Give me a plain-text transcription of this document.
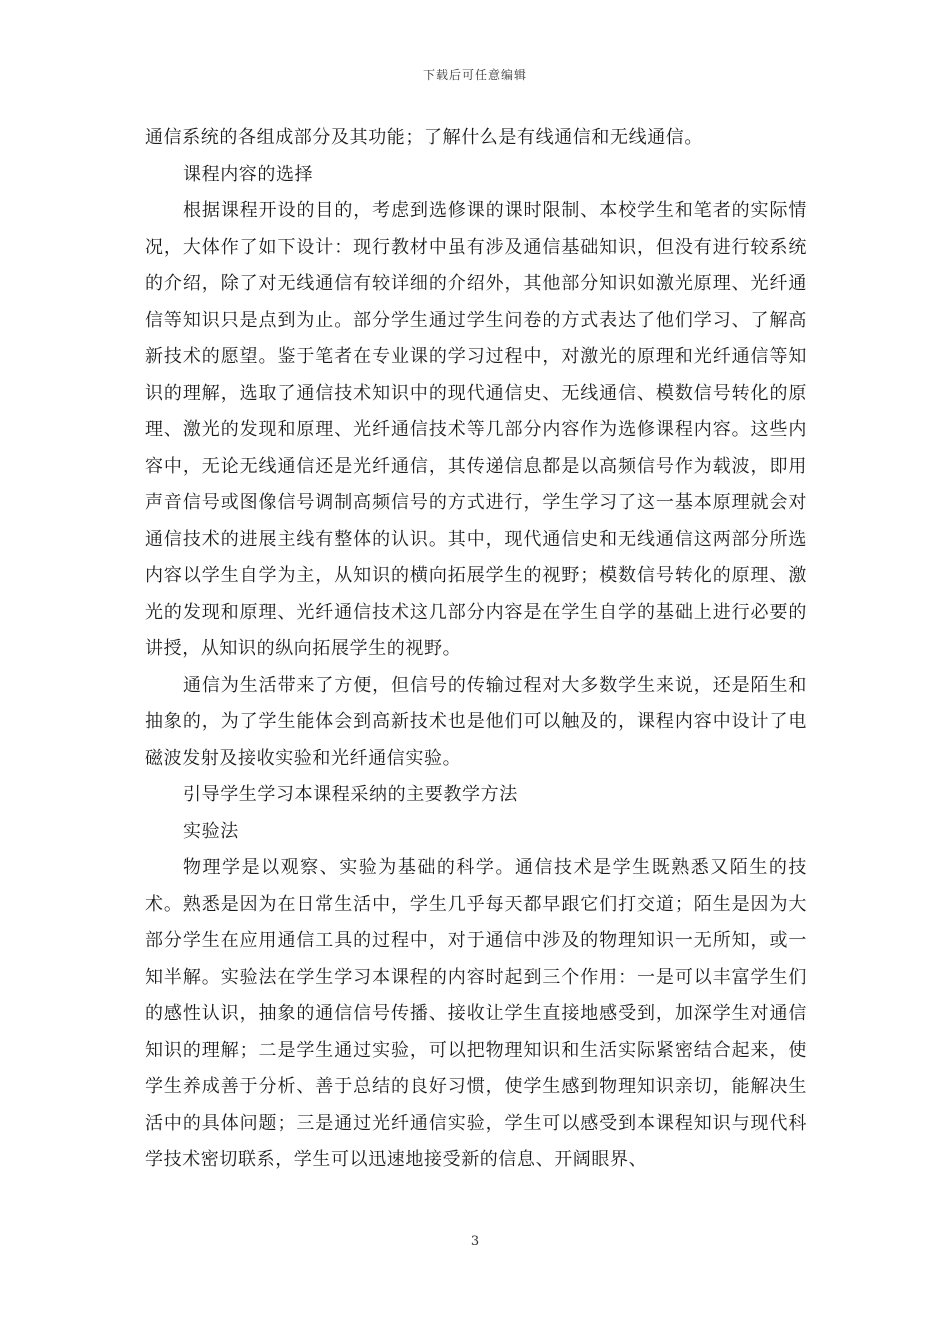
下载后可任意编辑

通信系统的各组成部分及其功能；了解什么是有线通信和无线通信。

课程内容的选择

根据课程开设的目的，考虑到选修课的课时限制、本校学生和笔者的实际情况，大体作了如下设计：现行教材中虽有涉及通信基础知识，但没有进行较系统的介绍，除了对无线通信有较详细的介绍外，其他部分知识如激光原理、光纤通信等知识只是点到为止。部分学生通过学生问卷的方式表达了他们学习、了解高新技术的愿望。鉴于笔者在专业课的学习过程中，对激光的原理和光纤通信等知识的理解，选取了通信技术知识中的现代通信史、无线通信、模数信号转化的原理、激光的发现和原理、光纤通信技术等几部分内容作为选修课程内容。这些内容中，无论无线通信还是光纤通信，其传递信息都是以高频信号作为载波，即用声音信号或图像信号调制高频信号的方式进行，学生学习了这一基本原理就会对通信技术的进展主线有整体的认识。其中，现代通信史和无线通信这两部分所选内容以学生自学为主，从知识的横向拓展学生的视野；模数信号转化的原理、激光的发现和原理、光纤通信技术这几部分内容是在学生自学的基础上进行必要的讲授，从知识的纵向拓展学生的视野。

通信为生活带来了方便，但信号的传输过程对大多数学生来说，还是陌生和抽象的，为了学生能体会到高新技术也是他们可以触及的，课程内容中设计了电磁波发射及接收实验和光纤通信实验。

引导学生学习本课程采纳的主要教学方法

实验法

物理学是以观察、实验为基础的科学。通信技术是学生既熟悉又陌生的技术。熟悉是因为在日常生活中，学生几乎每天都早跟它们打交道；陌生是因为大部分学生在应用通信工具的过程中，对于通信中涉及的物理知识一无所知，或一知半解。实验法在学生学习本课程的内容时起到三个作用：一是可以丰富学生们的感性认识，抽象的通信信号传播、接收让学生直接地感受到，加深学生对通信知识的理解；二是学生通过实验，可以把物理知识和生活实际紧密结合起来，使学生养成善于分析、善于总结的良好习惯，使学生感到物理知识亲切，能解决生活中的具体问题；三是通过光纤通信实验，学生可以感受到本课程知识与现代科学技术密切联系，学生可以迅速地接受新的信息、开阔眼界、

3
